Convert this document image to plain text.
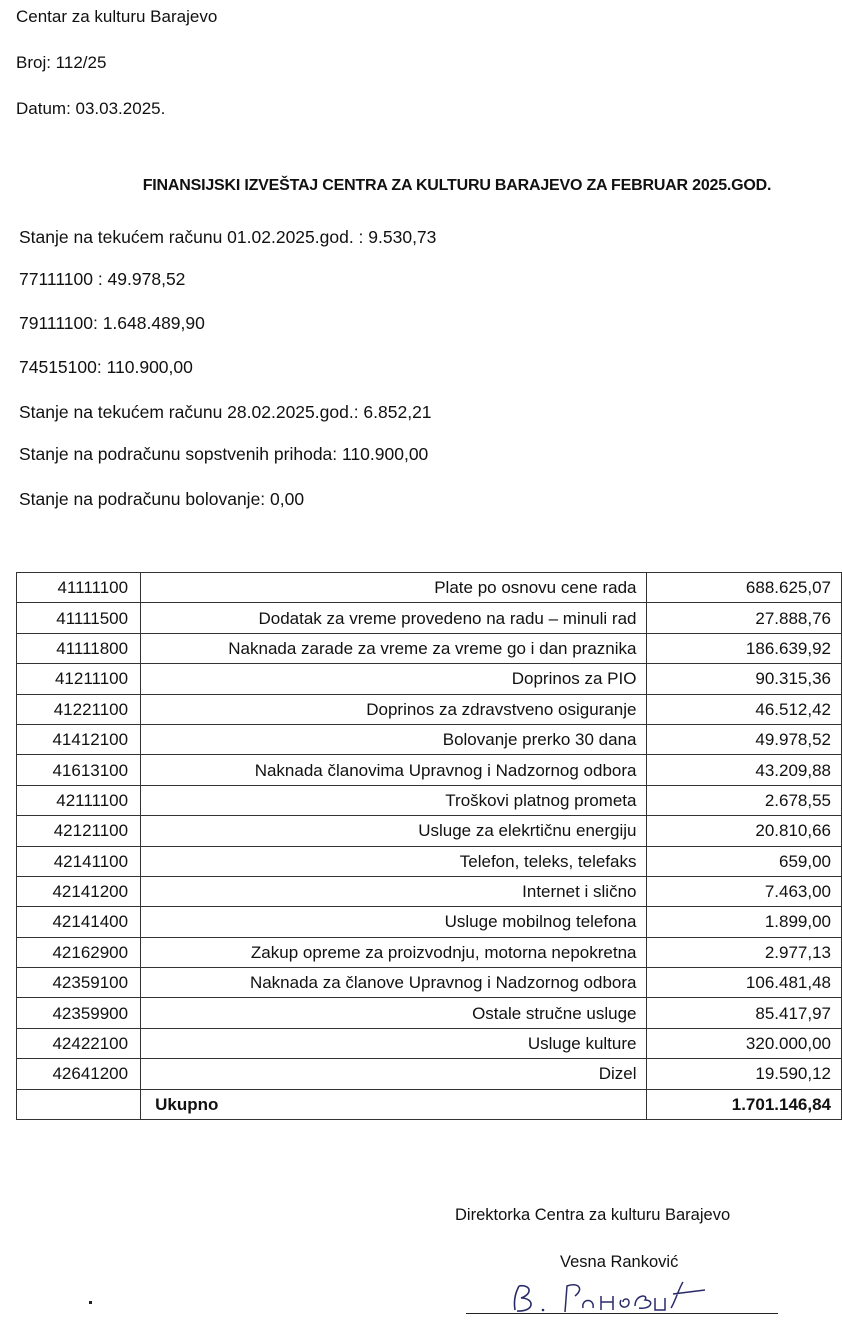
Centar za kulturu Barajevo
Broj: 112/25
Datum: 03.03.2025.
FINANSIJSKI IZVEŠTAJ CENTRA ZA KULTURU BARAJEVO ZA FEBRUAR 2025.GOD.
Stanje na tekućem računu 01.02.2025.god. : 9.530,73
77111100 : 49.978,52
79111100: 1.648.489,90
74515100: 110.900,00
Stanje na tekućem računu 28.02.2025.god.: 6.852,21
Stanje na podračunu sopstvenih prihoda: 110.900,00
Stanje na podračunu bolovanje: 0,00
41111100	Plate po osnovu cene rada	688.625,07
41111500	Dodatak za vreme provedeno na radu – minuli rad	27.888,76
41111800	Naknada zarade za vreme za vreme go i dan praznika	186.639,92
41211100	Doprinos za PIO	90.315,36
41221100	Doprinos za zdravstveno osiguranje	46.512,42
41412100	Bolovanje prerko 30 dana	49.978,52
41613100	Naknada članovima Upravnog i Nadzornog odbora	43.209,88
42111100	Troškovi platnog prometa	2.678,55
42121100	Usluge za elekrtičnu energiju	20.810,66
42141100	Telefon, teleks, telefaks	659,00
42141200	Internet i slično	7.463,00
42141400	Usluge mobilnog telefona	1.899,00
42162900	Zakup opreme za proizvodnju, motorna nepokretna	2.977,13
42359100	Naknada za članove Upravnog i Nadzornog odbora	106.481,48
42359900	Ostale stručne usluge	85.417,97
42422100	Usluge kulture	320.000,00
42641200	Dizel	19.590,12
	Ukupno	1.701.146,84
Direktorka Centra za kulturu Barajevo
Vesna Ranković
